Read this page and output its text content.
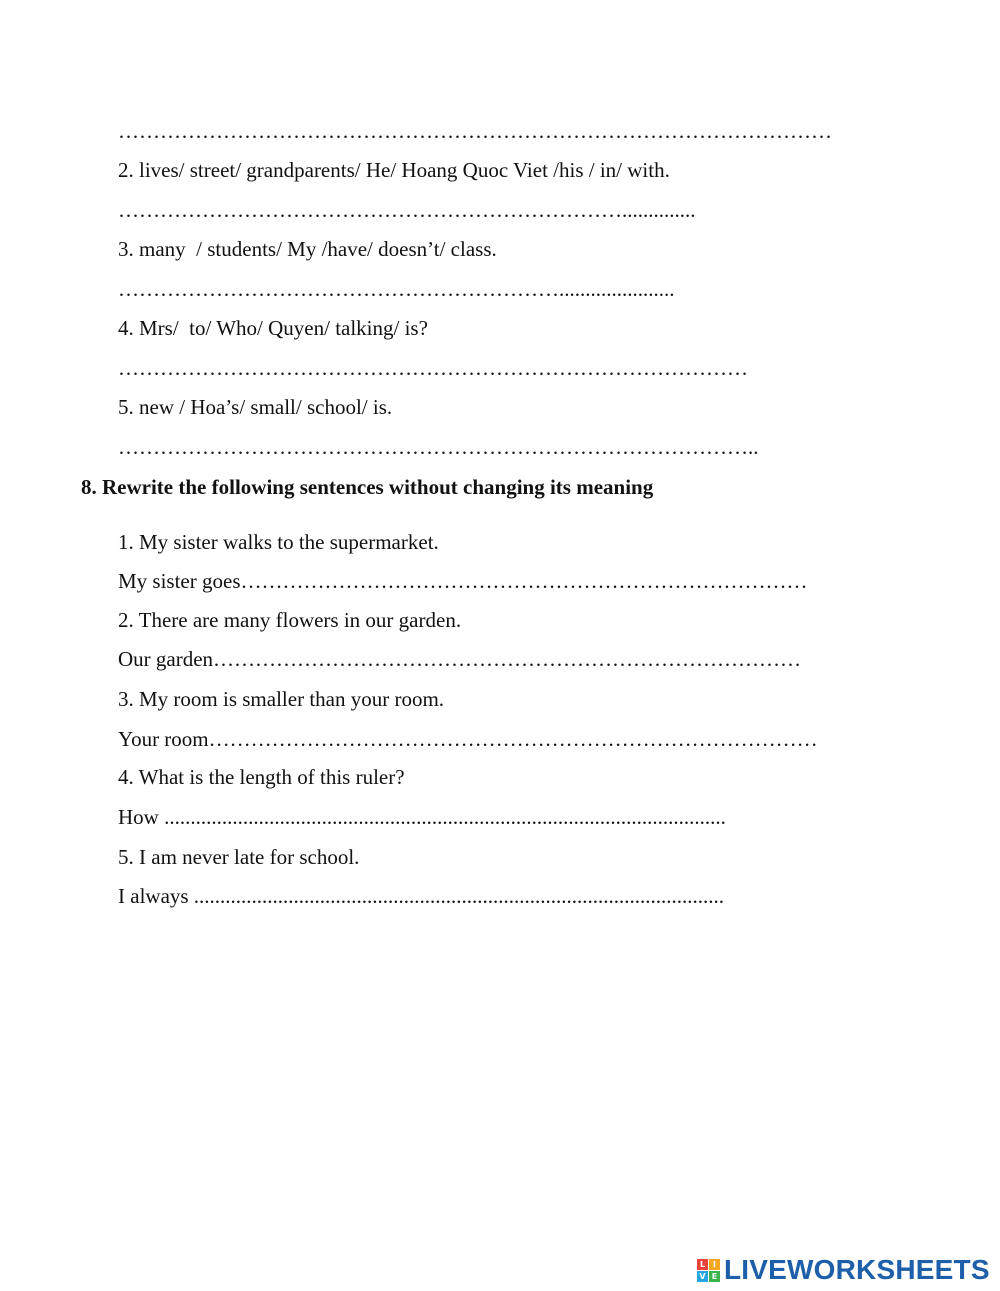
…………………………………………………………………………………………
2. lives/ street/ grandparents/ He/ Hoang Quoc Viet /his / in/ with.
………………………………………………………………..............
3. many  / students/ My /have/ doesn’t/ class.
………………………………………………………......................
4. Mrs/  to/ Who/ Quyen/ talking/ is?
………………………………………………………………………………
5. new / Hoa’s/ small/ school/ is.
………………………………………………………………………………..
8. Rewrite the following sentences without changing its meaning
1. My sister walks to the supermarket.
My sister goes………………………………………………………………………
2. There are many flowers in our garden.
Our garden…………………………………………………………………………
3. My room is smaller than your room.
Your room……………………………………………………………………………
4. What is the length of this ruler?
How ...........................................................................................................
5. I am never late for school.
I always .....................................................................................................
L I
V E LIVEWORKSHEETS
